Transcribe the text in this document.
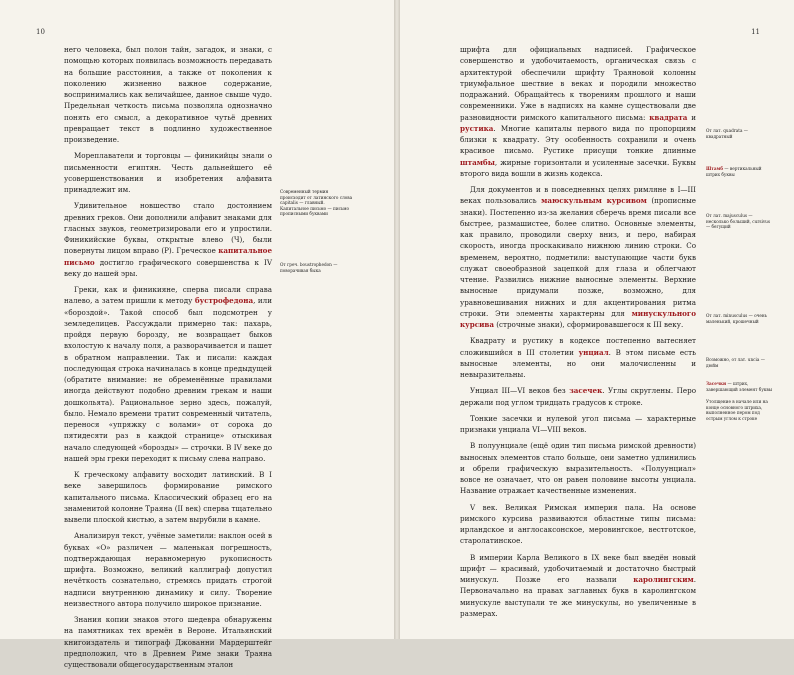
10

него человека, был полон тайн, загадок, и знаки, с помощью которых появилась возможность передавать на большие расстояния, а также от поколения к поколению жизненно важное содержание, воспринимались как величайшее, данное свыше чудо. Предельная четкость письма позволяла однозначно понять его смысл, а декоративное чутьё древних превращает текст в подлинно художественное произведение.

Мореплаватели и торговцы — финикийцы знали о письменности египтян. Честь дальнейшего её усовершенствования и изобретения алфавита принадлежит им.

Удивительное новшество стало достоянием древних греков. Они дополнили алфавит знаками для гласных звуков, геометризировали его и упростили. Финикийские буквы, открытые влево (Ч), были повернуты лицом вправо (Р). Греческое капитальное письмо достигло графического совершенства к IV веку до нашей эры.

Греки, как и финикияне, сперва писали справа налево, а затем пришли к методу бустрофедона, или «бороздой». Такой способ был подсмотрен у земледелицев. Рассуждали примерно так: пахарь, пройдя первую борозду, не возвращает быков вхолостую к началу поля, а разворачивается и пашет в обратном направлении. Так и писали: каждая последующая строка начиналась в конце предыдущей (обратите внимание: не обременённые правилами иногда действуют подобно древним грекам и наши дошкольята). Рациональное зерно здесь, пожалуй, было. Немало времени тратит современный читатель, перенося «упряжку с волами» от сорока до пятидесяти раз в каждой странице» отыскивая начало следующей «борозды» — строчки. В IV веке до нашей эры греки переходят к письму слева направо.

К греческому алфавиту восходит латинский. В I веке завершилось формирование римского капитального письма. Классический образец его на знаменитой колонне Траяна (II век) сперва тщательно вывели плоской кистью, а затем вырубили в камне.

Анализируя текст, учёные заметили: наклон осей в буквах «О» различен — маленькая погрешность, подтверждающая неравномерную рукописность шрифта. Возможно, великий каллиграф допустил нечёткость сознательно, стремясь придать строгой надписи внутреннюю динамику и силу. Творение неизвестного автора получило широкое признание.

Знания копии знаков этого шедевра обнаружены на памятниках тех времён в Вероне. Итальянский книгоиздатель и типограф Джованни Мардерштейг предположил, что в Древнем Риме знаки Траяна существовали общегосударственным эталон

Современный термин происходит от латинского слова capitalis — главный. Капитальное письмо — письмо прописными буквами
От греч. boustrophedon — поворачивая быка
11

шрифта для официальных надписей. Графическое совершенство и удобочитаемость, органическая связь с архитектурой обеспечили шрифту Траяновой колонны триумфальное шествие в веках и породили множество подражаний. Обращайтесь к творениям прошлого и наши современники. Уже в надписях на камне существовали две разновидности римского капитального письма: квадрата и рустика. Многие капиталы первого вида по пропорциям близки к квадрату. Эту особенность сохранили и очень красивое письмо. Рустике присущи тонкие длинные штамбы, жирные горизонтали и усиленные засечки. Буквы второго вида вошли в жизнь кодекса.

Для документов и в повседневных целях римляне в I—III веках пользовались маюскульным курсивом (прописные знаки). Постепенно из-за желания сберечь время писали все быстрее, размашистее, более слитно. Основные элементы, как правило, проводили сверху вниз, и перо, набирая скорость, иногда проскакивало нижнюю линию строки. Со временем, вероятно, подметили: выступающие части букв служат своеобразной зацепкой для глаза и облегчают чтение. Развились нижние выносные элементы. Верхние выносные придумали позже, возможно, для уравновешивания нижних и для акцентирования ритма строки. Эти элементы характерны для минускульного курсива (строчные знаки), сформировавшегося к III веку.

Квадрату и рустику в кодексе постепенно вытесняет сложившийся в III столетии унциал. В этом письме есть выносные элементы, но они малочисленны и невыразительны.

Унциал III—VI веков без засечек. Углы скруглены. Перо держали под углом тридцать градусов к строке.

Тонкие засечки и нулевой угол письма — характерные признаки унциала VI—VIII веков.

В полуунциале (ещё один тип письма римской древности) выносных элементов стало больше, они заметно удлинились и обрели графическую выразительность. «Полуунциал» вовсе не означает, что он равен половине высоты унциала. Название отражает качественные изменения.

V век. Великая Римская империя пала. На основе римского курсива развиваются областные типы письма: ирландское и англосаксонское, меровингское, вестготское, старолатинское.

В империи Карла Великого в IX веке был введён новый шрифт — красивый, удобочитаемый и достаточно быстрый минускул. Позже его назвали каролингским. Первоначально на правах заглавных букв в каролингском минускуле выступали те же минускулы, но увеличенные в размерах.

От лат. quadrata — квадратный
Штамб — вертикальный штрих буквы
От лат. majusculus — несколько больший, cursivus — бегущий
От лат. minusculus — очень маленький, крошечный
Возможно, от лат. uncia — дюйм
Засечки — штрих, завершающий элемент буквы
Утолщение в начале или на конце основного штриха, выполненное пером под острым углом к строке
